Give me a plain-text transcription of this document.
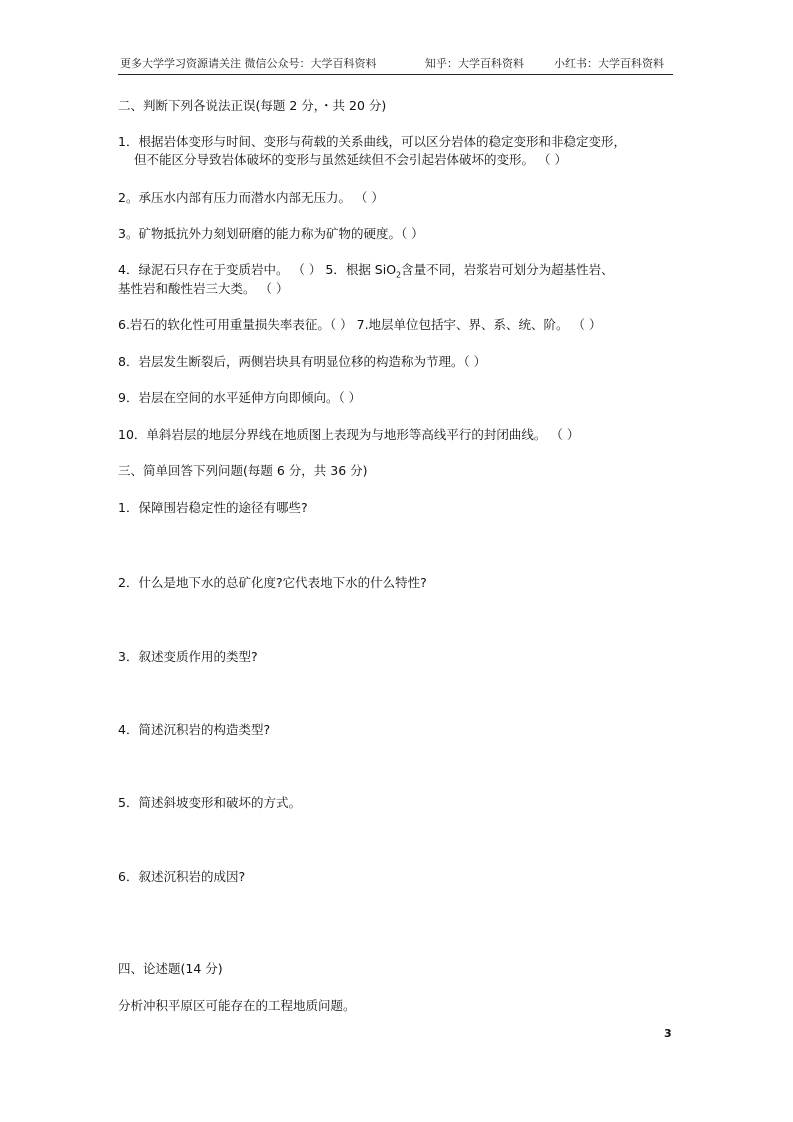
更多大学学习资源请关注 微信公众号：大学百科资料	知乎：大学百科资料	小红书：大学百科资料
二、判断下列各说法正误(每题 2 分，・共 20 分)
1．根据岩体变形与时间、变形与荷载的关系曲线，可以区分岩体的稳定变形和非稳定变形，
但不能区分导致岩体破坏的变形与虽然延续但不会引起岩体破坏的变形。 （ ）
2。承压水内部有压力而潜水内部无压力。 （ ）
3。矿物抵抗外力刻划研磨的能力称为矿物的硬度。（ ）
4．绿泥石只存在于变质岩中。 （ ） 5．根据 SiO$_2$含量不同，岩浆岩可划分为超基性岩、
基性岩和酸性岩三大类。 （ ）
6.岩石的软化性可用重量损失率表征。（ ） 7.地层单位包括宇、界、系、统、阶。 （ ）
8．岩层发生断裂后，两侧岩块具有明显位移的构造称为节理。（ ）
9．岩层在空间的水平延伸方向即倾向。（ ）
10．单斜岩层的地层分界线在地质图上表现为与地形等高线平行的封闭曲线。 （ ）
三、简单回答下列问题(每题 6 分，共 36 分)
1．保障围岩稳定性的途径有哪些?
2．什么是地下水的总矿化度?它代表地下水的什么特性?
3．叙述变质作用的类型?
4．简述沉积岩的构造类型?
5．简述斜坡变形和破坏的方式。
6．叙述沉积岩的成因?
四、论述题(14 分)
分析冲积平原区可能存在的工程地质问题。
3
